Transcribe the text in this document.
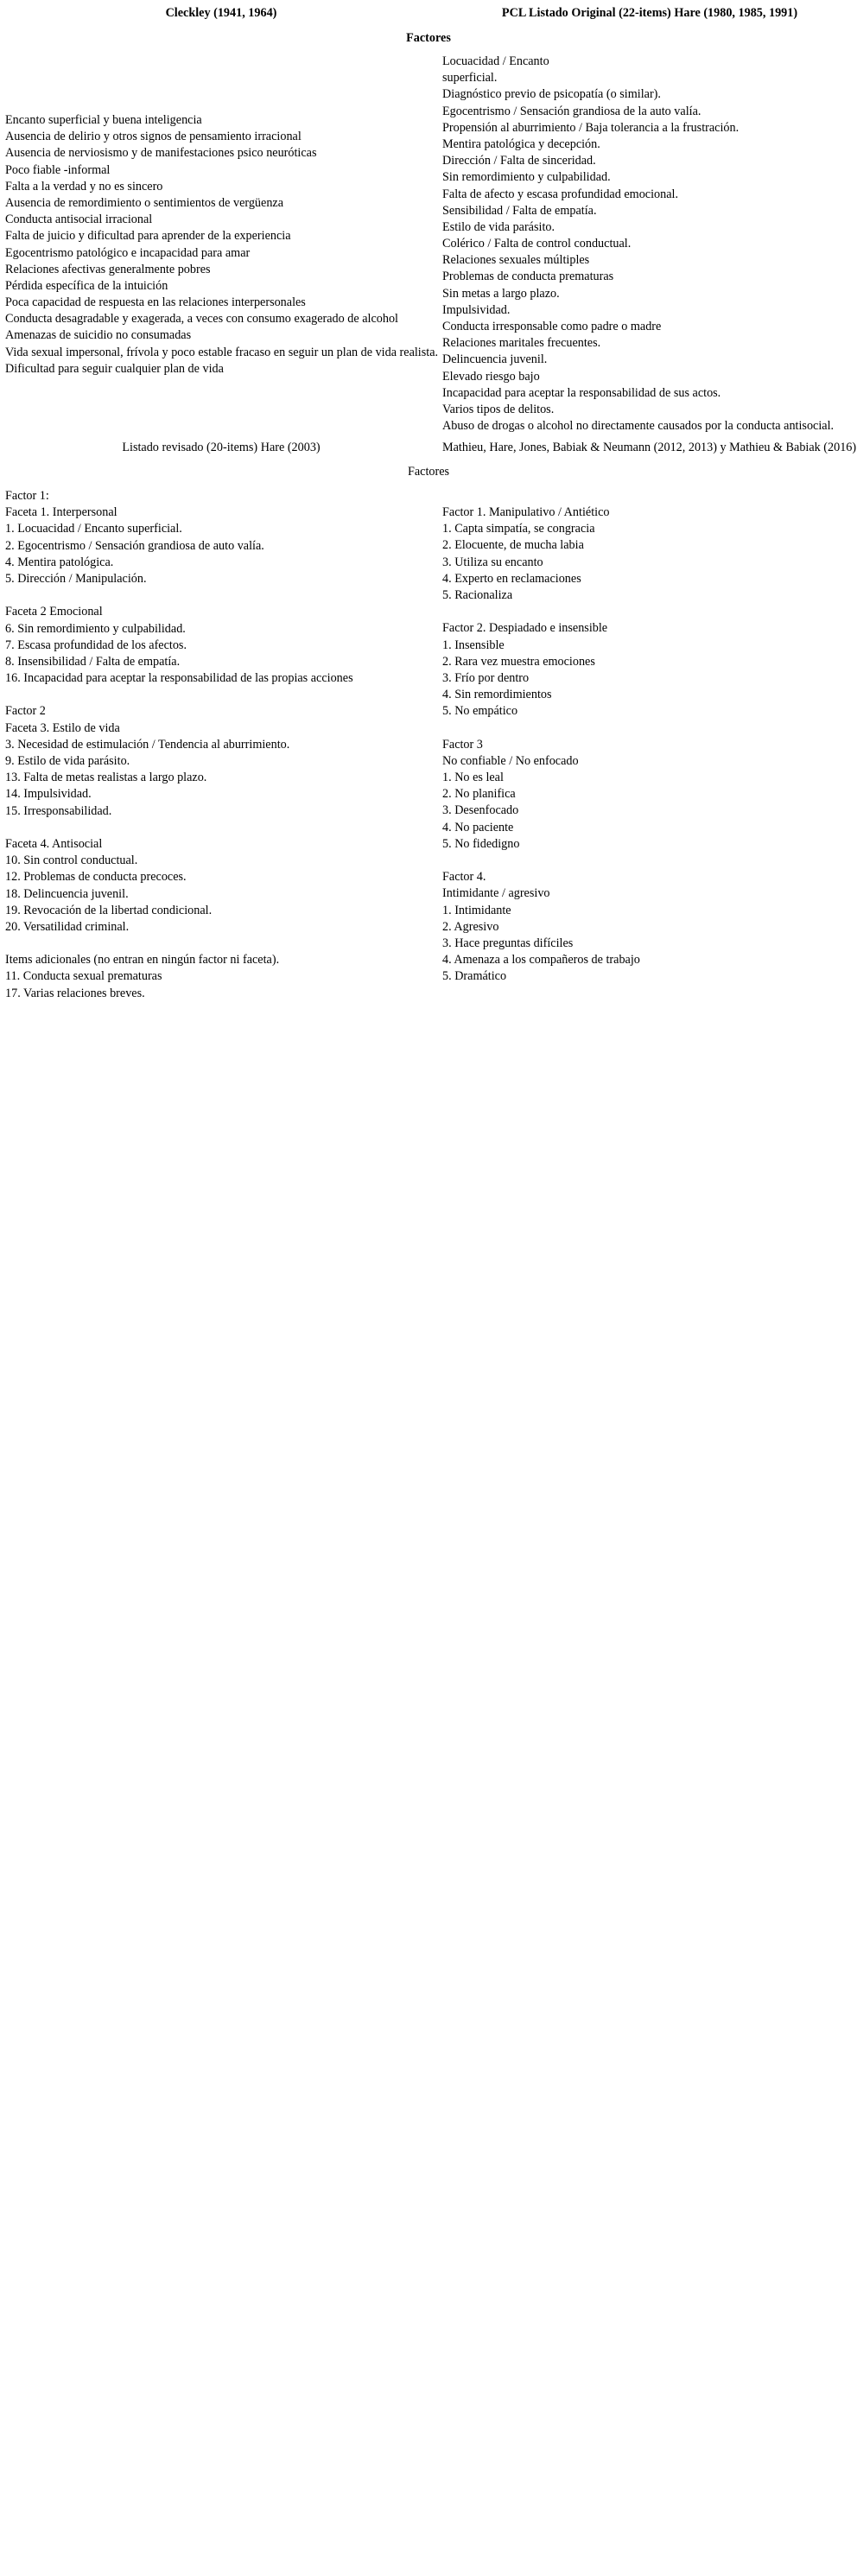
Cleckley (1941, 1964)	PCL Listado Original (22-items) Hare (1980, 1985, 1991)
Factores
Encanto superficial y buena inteligencia
Ausencia de delirio y otros signos de pensamiento irracional
Ausencia de nerviosismo y de manifestaciones psico neuróticas
Poco fiable -informal
Falta a la verdad y no es sincero
Ausencia de remordimiento o sentimientos de vergüenza
Conducta antisocial irracional
Falta de juicio y dificultad para aprender de la experiencia
Egocentrismo patológico e incapacidad para amar
Relaciones afectivas generalmente pobres
Pérdida específica de la intuición
Poca capacidad de respuesta en las relaciones interpersonales
Conducta desagradable y exagerada, a veces con consumo exagerado de alcohol
Amenazas de suicidio no consumadas
Vida sexual impersonal, frívola y poco estable fracaso en seguir un plan de vida realista.
Dificultad para seguir cualquier plan de vida
Locuacidad / Encanto
superficial.
Diagnóstico previo de psicopatía (o similar).
Egocentrismo / Sensación grandiosa de la auto valía.
Propensión al aburrimiento / Baja tolerancia a la frustración.
Mentira patológica y decepción.
Dirección / Falta de sinceridad.
Sin remordimiento y culpabilidad.
Falta de afecto y escasa profundidad emocional.
Sensibilidad / Falta de empatía.
Estilo de vida parásito.
Colérico / Falta de control conductual.
Relaciones sexuales múltiples
Problemas de conducta prematuras
Sin metas a largo plazo.
Impulsividad.
Conducta irresponsable como padre o madre
Relaciones maritales frecuentes.
Delincuencia juvenil.
Elevado riesgo bajo
Incapacidad para aceptar la responsabilidad de sus actos.
Varios tipos de delitos.
Abuso de drogas o alcohol no directamente causados por la conducta antisocial.
Listado revisado (20-items) Hare (2003)	Mathieu, Hare, Jones, Babiak & Neumann (2012, 2013) y Mathieu & Babiak (2016)
Factores
Factor 1:
Faceta 1. Interpersonal
1. Locuacidad / Encanto superficial.
2. Egocentrismo / Sensación grandiosa de auto valía.
4. Mentira patológica.
5. Dirección / Manipulación.
Faceta 2 Emocional
6. Sin remordimiento y culpabilidad.
7. Escasa profundidad de los afectos.
8. Insensibilidad / Falta de empatía.
16. Incapacidad para aceptar la responsabilidad de las propias acciones
Factor 2
Faceta 3. Estilo de vida
3. Necesidad de estimulación / Tendencia al aburrimiento.
9. Estilo de vida parásito.
13. Falta de metas realistas a largo plazo.
14. Impulsividad.
15. Irresponsabilidad.
Faceta 4. Antisocial
10. Sin control conductual.
12. Problemas de conducta precoces.
18. Delincuencia juvenil.
19. Revocación de la libertad condicional.
20. Versatilidad criminal.
Items adicionales (no entran en ningún factor ni faceta).
11. Conducta sexual prematuras
17. Varias relaciones breves.
Factor 1. Manipulativo / Antiético
1. Capta simpatía, se congracia
2. Elocuente, de mucha labia
3. Utiliza su encanto
4. Experto en reclamaciones
5. Racionaliza
Factor 2. Despiadado e insensible
1. Insensible
2. Rara vez muestra emociones
3. Frío por dentro
4. Sin remordimientos
5. No empático
Factor 3
No confiable / No enfocado
1. No es leal
2. No planifica
3. Desenfocado
4. No paciente
5. No fidedigno
Factor 4.
Intimidante / agresivo
1. Intimidante
2. Agresivo
3. Hace preguntas difíciles
4. Amenaza a los compañeros de trabajo
5. Dramático
